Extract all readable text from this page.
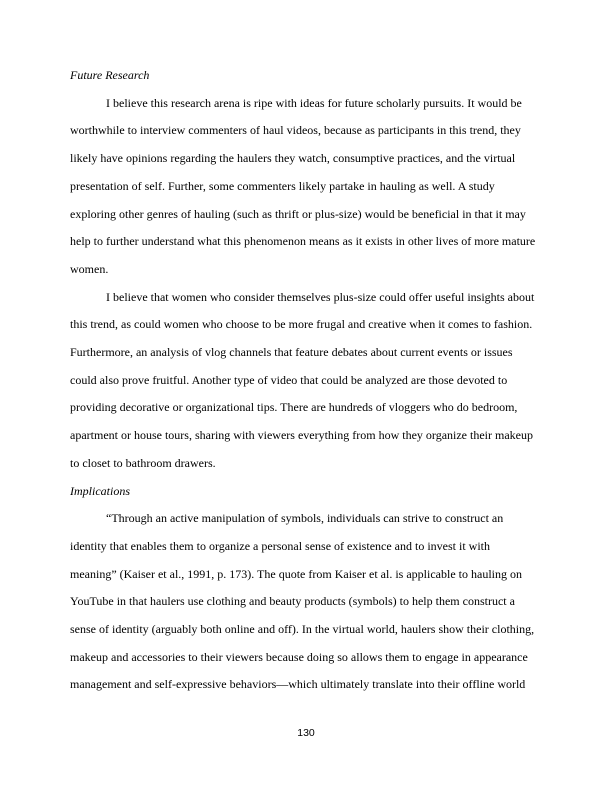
Future Research
I believe this research arena is ripe with ideas for future scholarly pursuits. It would be
worthwhile to interview commenters of haul videos, because as participants in this trend, they
likely have opinions regarding the haulers they watch, consumptive practices, and the virtual
presentation of self. Further, some commenters likely partake in hauling as well. A study
exploring other genres of hauling (such as thrift or plus-size) would be beneficial in that it may
help to further understand what this phenomenon means as it exists in other lives of more mature
women.
I believe that women who consider themselves plus-size could offer useful insights about
this trend, as could women who choose to be more frugal and creative when it comes to fashion.
Furthermore, an analysis of vlog channels that feature debates about current events or issues
could also prove fruitful. Another type of video that could be analyzed are those devoted to
providing decorative or organizational tips. There are hundreds of vloggers who do bedroom,
apartment or house tours, sharing with viewers everything from how they organize their makeup
to closet to bathroom drawers.
Implications
“Through an active manipulation of symbols, individuals can strive to construct an
identity that enables them to organize a personal sense of existence and to invest it with
meaning” (Kaiser et al., 1991, p. 173). The quote from Kaiser et al. is applicable to hauling on
YouTube in that haulers use clothing and beauty products (symbols) to help them construct a
sense of identity (arguably both online and off). In the virtual world, haulers show their clothing,
makeup and accessories to their viewers because doing so allows them to engage in appearance
management and self-expressive behaviors—which ultimately translate into their offline world
130
